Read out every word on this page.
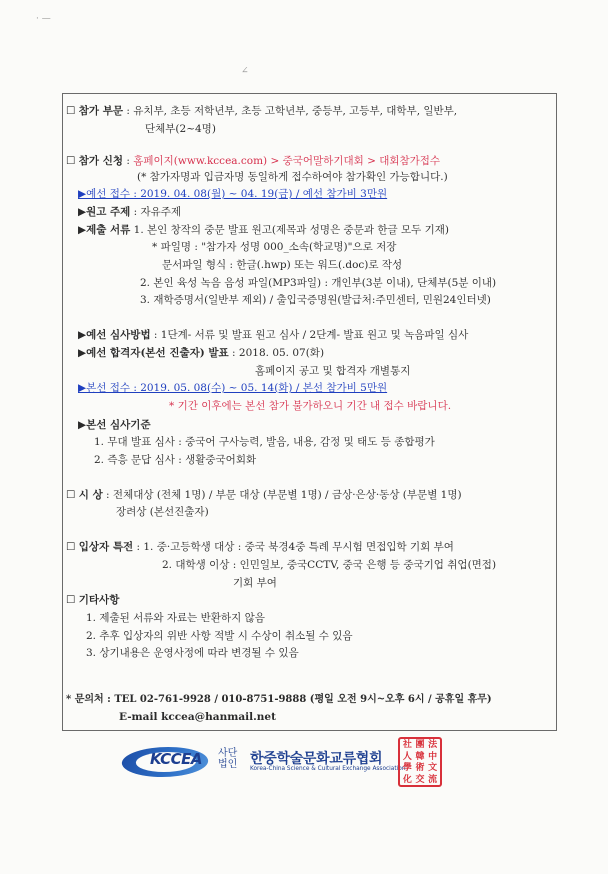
· —
∠
☐ 참가 부문 : 유치부, 초등 저학년부, 초등 고학년부, 중등부, 고등부, 대학부, 일반부,
단체부(2~4명)
☐ 참가 신청 : 홈페이지(www.kccea.com) > 중국어말하기대회 > 대회참가접수
(* 참가자명과 입금자명 동일하게 접수하여야 참가확인 가능합니다.)
▶예선 접수 : 2019. 04. 08(월) ~ 04. 19(금) / 예선 참가비 3만원
▶원고 주제 : 자유주제
▶제출 서류 1. 본인 창작의 중문 발표 원고(제목과 성명은 중문과 한글 모두 기재)
* 파일명 : "참가자 성명 000_소속(학교명)"으로 저장
문서파일 형식 : 한글(.hwp) 또는 워드(.doc)로 작성
2. 본인 육성 녹음 음성 파일(MP3파일) : 개인부(3분 이내), 단체부(5분 이내)
3. 재학증명서(일반부 제외) / 출입국증명원(발급처:주민센터, 민원24인터넷)
▶예선 심사방법 : 1단계- 서류 및 발표 원고 심사 / 2단계- 발표 원고 및 녹음파일 심사
▶예선 합격자(본선 진출자) 발표 : 2018. 05. 07(화)
홈페이지 공고 및 합격자 개별통지
▶본선 접수 : 2019. 05. 08(수) ~ 05. 14(화) / 본선 참가비 5만원
* 기간 이후에는 본선 참가 불가하오니 기간 내 접수 바랍니다.
▶본선 심사기준
1. 무대 발표 심사 : 중국어 구사능력, 발음, 내용, 감정 및 태도 등 종합평가
2. 즉흥 문답 심사 : 생활중국어회화
☐ 시 상 : 전체대상 (전체 1명) / 부문 대상 (부문별 1명) / 금상·은상·동상 (부문별 1명)
장려상 (본선진출자)
☐ 입상자 특전 : 1. 중·고등학생 대상 : 중국 북경4중 특례 무시험 면접입학 기회 부여
2. 대학생 이상 : 인민일보, 중국CCTV, 중국 은행 등 중국기업 취업(면접)
기회 부여
☐ 기타사항
1. 제출된 서류와 자료는 반환하지 않음
2. 추후 입상자의 위반 사항 적발 시 수상이 취소될 수 있음
3. 상기내용은 운영사정에 따라 변경될 수 있음
* 문의처 : TEL 02-761-9928 / 010-8751-9888 (평일 오전 9시~오후 6시 / 공휴일 휴무)
E-mail kccea@hanmail.net
KCCEA 사단법인 한중학술문화교류협회
Korea-China Science & Cultural Exchange Association
社 團 法
人 韓 中
學 術 文
化 交 流
